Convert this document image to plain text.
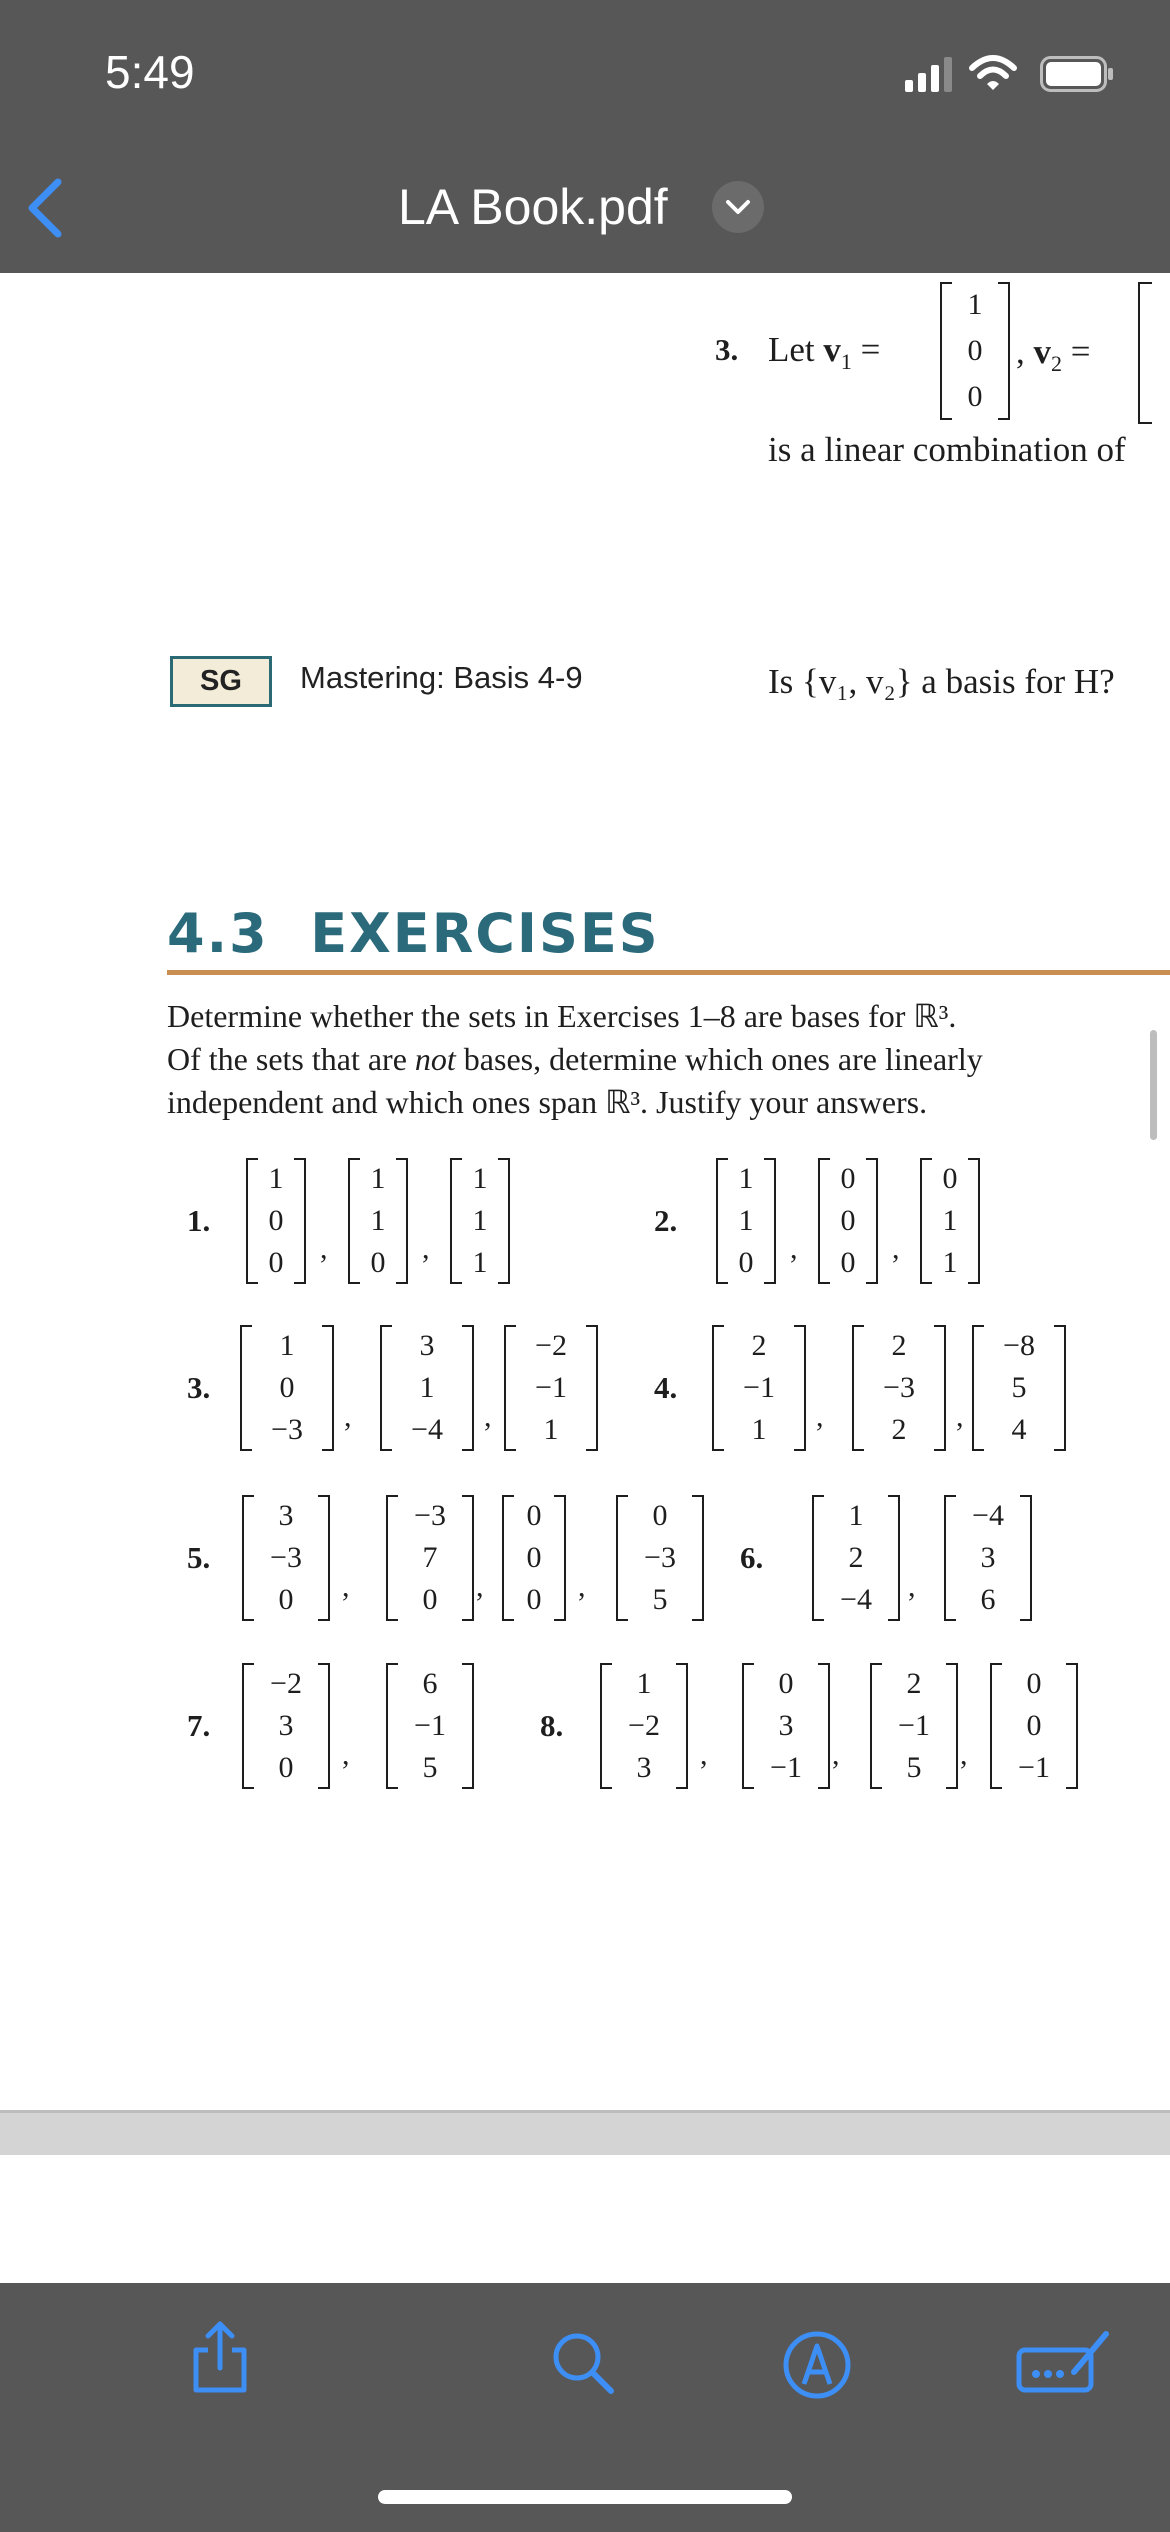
5:49
LA Book.pdf
3. Let $v_1$ =
1
0
0
, $v_2$ =
is a linear combination of
SG	Mastering: Basis 4-9	Is {v₁, v₂} a basis for H?
4.3 EXERCISES
Determine whether the sets in Exercises 1–8 are bases for ℝ³.
Of the sets that are not bases, determine which ones are linearly
independent and which ones span ℝ³. Justify your answers.
1.
1
0
0 ,
1
1
0 ,
1
1
1
2.
1
1
0 ,
0
0
0 ,
0
1
1
3.
1
0
−3 ,
3
1
−4 ,
−2
−1
1
4.
2
−1
1 ,
2
−3
2 ,
−8
5
4
5.
3
−3
0 ,
−3
7
0 ,
0
0
0 ,
0
−3
5
6.
1
2
−4 ,
−4
3
6
7.
−2
3
0 ,
6
−1
5
8.
1
−2
3 ,
0
3
−1 ,
2
−1
5 ,
0
0
−1
